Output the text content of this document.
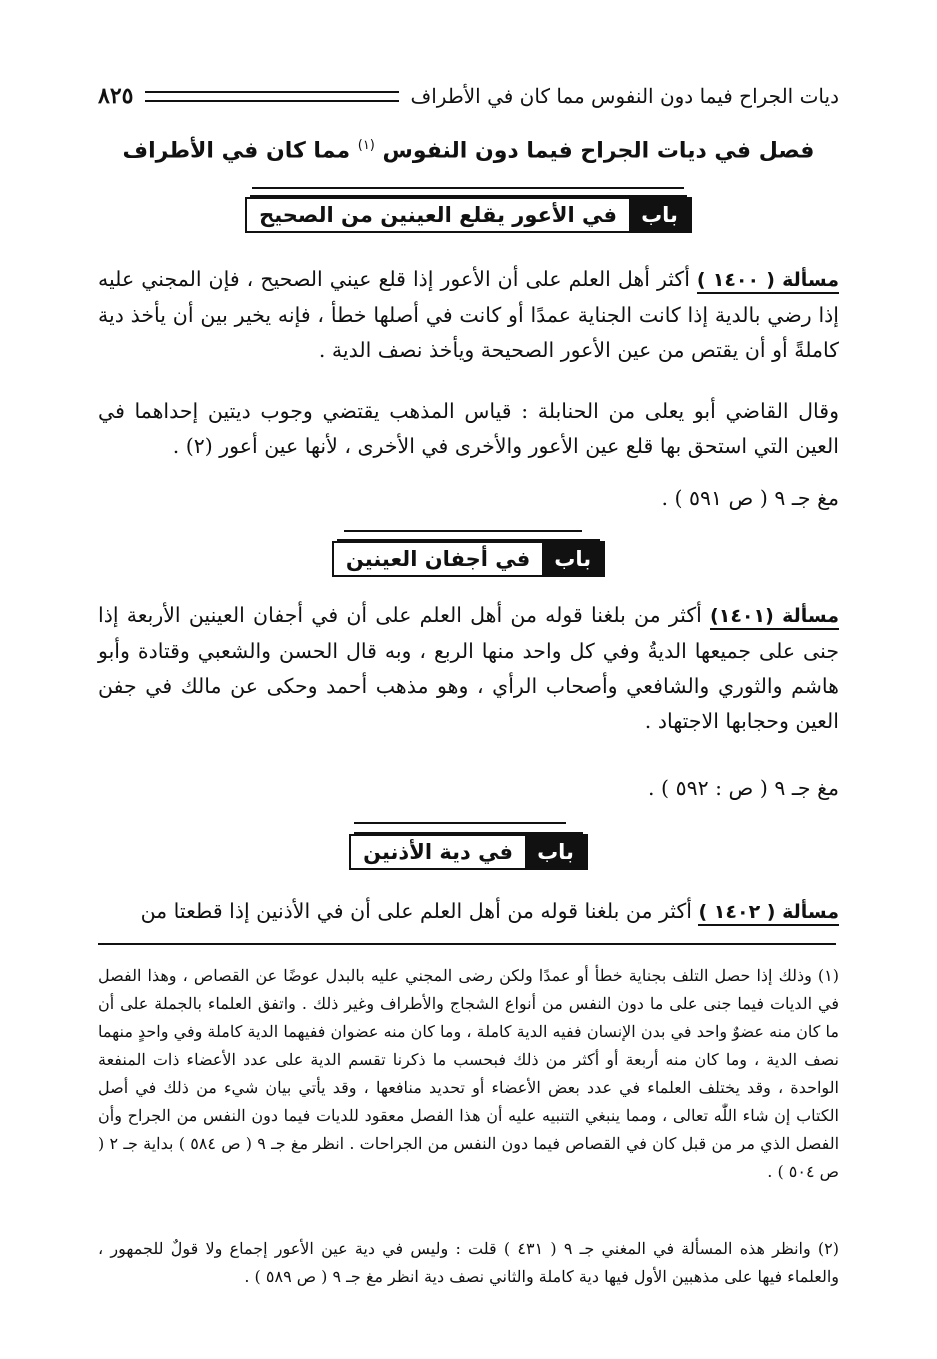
ديات الجراح فيما دون النفوس مما كان في الأطراف
٨٢٥
فصل في ديات الجراح فيما دون النفوس $^{(١)}$ مما كان في الأطراف
باب
في الأعور يقلع العينين من الصحيح
مسألة ( ١٤٠٠ ) أكثر أهل العلم على أن الأعور إذا قلع عيني الصحيح ، فإن المجني عليه إذا رضي بالدية إذا كانت الجناية عمدًا أو كانت في أصلها خطأ ، فإنه يخير بين أن يأخذ دية كاملةً أو أن يقتص من عين الأعور الصحيحة ويأخذ نصف الدية .
وقال القاضي أبو يعلى من الحنابلة : قياس المذهب يقتضي وجوب ديتين إحداهما في العين التي استحق بها قلع عين الأعور والأخرى في الأخرى ، لأنها عين أعور (٢) .
مغ جـ ٩ ( ص ٥٩١ ) .
باب
في أجفان العينين
مسألة (١٤٠١) أكثر من بلغنا قوله من أهل العلم على أن في أجفان العينين الأربعة إذا جنى على جميعها الديةُ وفي كل واحد منها الربع ، وبه قال الحسن والشعبي وقتادة وأبو هاشم والثوري والشافعي وأصحاب الرأي ، وهو مذهب أحمد وحكى عن مالك في جفن العين وحجابها الاجتهاد .
مغ جـ ٩ ( ص : ٥٩٢ ) .
باب
في دية الأذنين
مسألة ( ١٤٠٢ ) أكثر من بلغنا قوله من أهل العلم على أن في الأذنين إذا قطعتا من
(١) وذلك إذا حصل التلف بجناية خطأ أو عمدًا ولكن رضى المجني عليه بالبدل عوضًا عن القصاص ، وهذا الفصل في الديات فيما جنى على ما دون النفس من أنواع الشجاج والأطراف وغير ذلك . واتفق العلماء بالجملة على أن ما كان منه عضوٌ واحد في بدن الإنسان ففيه الدية كاملة ، وما كان منه عضوان ففيهما الدية كاملة وفي واحدٍ منهما نصف الدية ، وما كان منه أربعة أو أكثر من ذلك فبحسب ما ذكرنا تقسم الدية على عدد الأعضاء ذات المنفعة الواحدة ، وقد يختلف العلماء في عدد بعض الأعضاء أو تحديد منافعها ، وقد يأتي بيان شيء من ذلك في أصل الكتاب إن شاء اللّٰه تعالى ، ومما ينبغي التنبيه عليه أن هذا الفصل معقود للديات فيما دون النفس من الجراح وأن الفصل الذي مر من قبل كان في القصاص فيما دون النفس من الجراحات . انظر مغ جـ ٩ ( ص ٥٨٤ ) بداية جـ ٢ ( ص ٥٠٤ ) .
(٢) وانظر هذه المسألة في المغني جـ ٩ ( ٤٣١ ) قلت : وليس في دية عين الأعور إجماع ولا قولٌ للجمهور ، والعلماء فيها على مذهبين الأول فيها دية كاملة والثاني نصف دية انظر مغ جـ ٩ ( ص ٥٨٩ ) .
